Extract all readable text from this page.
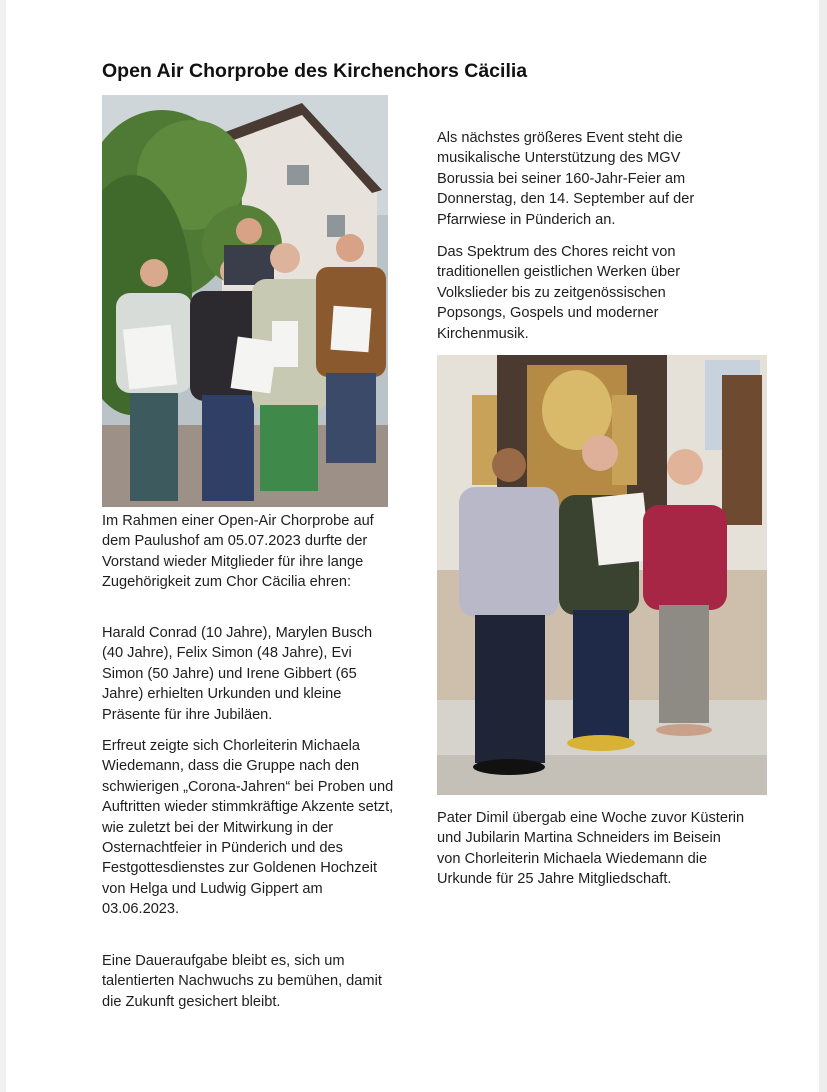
Open Air Chorprobe des Kirchenchors Cäcilia

Im Rahmen einer Open-Air Chorprobe auf dem Paulushof am 05.07.2023 durfte der Vorstand wieder Mitglieder für ihre lange Zugehörigkeit zum Chor Cäcilia ehren:

Harald Conrad (10 Jahre), Marylen Busch (40 Jahre), Felix Simon (48 Jahre), Evi Simon (50 Jahre) und Irene Gibbert (65 Jahre) erhielten Urkunden und kleine Präsente für ihre Jubiläen.

Erfreut zeigte sich Chorleiterin Michaela Wiedemann, dass die Gruppe nach den schwierigen „Corona-Jahren“ bei Proben und Auftritten wieder stimmkräftige Akzente setzt, wie zuletzt bei der Mitwirkung in der Osternachtfeier in Pünderich und des Festgottesdienstes zur Goldenen Hochzeit von Helga und Ludwig Gippert am 03.06.2023.

Eine Daueraufgabe bleibt es, sich um talentierten Nachwuchs zu bemühen, damit die Zukunft gesichert bleibt.

Als nächstes größeres Event steht die musikalische Unterstützung des MGV Borussia bei seiner 160-Jahr-Feier am Donnerstag, den 14. September auf der Pfarrwiese in Pünderich an.

Das Spektrum des Chores reicht von traditionellen geistlichen Werken über Volkslieder bis zu zeitgenössischen Popsongs, Gospels und moderner Kirchenmusik.

Pater Dimil übergab eine Woche zuvor Küsterin und Jubilarin Martina Schneiders im Beisein von Chorleiterin Michaela Wiedemann die Urkunde für 25 Jahre Mitgliedschaft.
